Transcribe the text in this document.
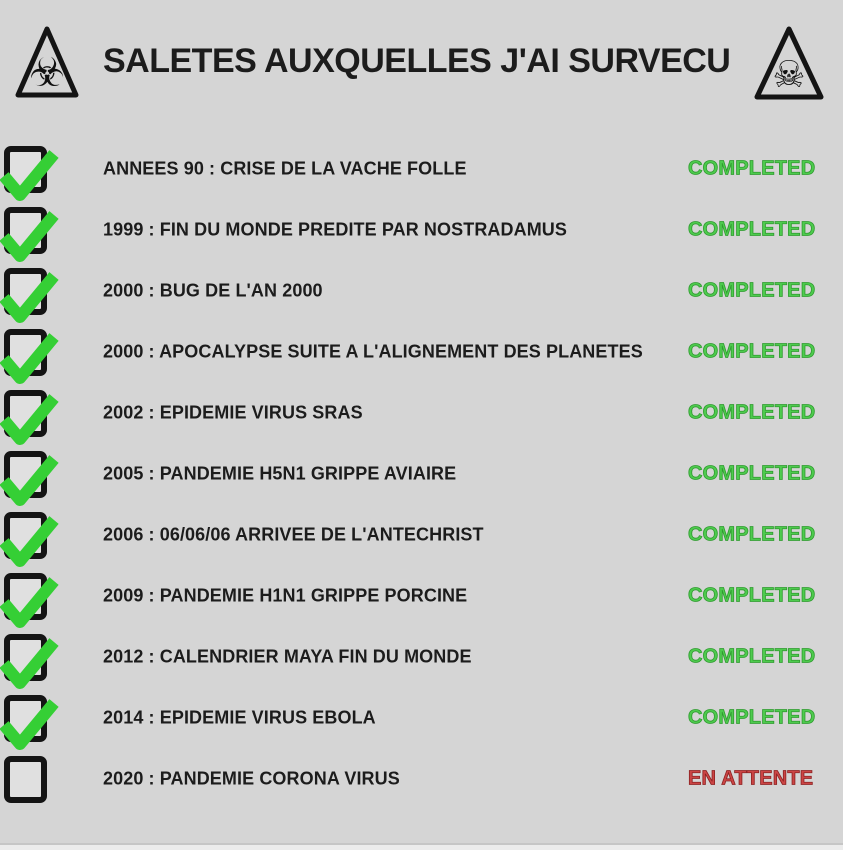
☣	SALETES AUXQUELLES J'AI SURVECU	☠
ANNEES 90 : CRISE DE LA VACHE FOLLE	COMPLETED
1999 : FIN DU MONDE PREDITE PAR NOSTRADAMUS	COMPLETED
2000 : BUG DE L'AN 2000	COMPLETED
2000 : APOCALYPSE SUITE A L'ALIGNEMENT DES PLANETES COMPLETED
2002 : EPIDEMIE VIRUS SRAS	COMPLETED
2005 : PANDEMIE H5N1 GRIPPE AVIAIRE	COMPLETED
2006 : 06/06/06 ARRIVEE DE L'ANTECHRIST	COMPLETED
2009 : PANDEMIE H1N1 GRIPPE PORCINE	COMPLETED
2012 : CALENDRIER MAYA FIN DU MONDE	COMPLETED
2014 : EPIDEMIE VIRUS EBOLA	COMPLETED
2020 : PANDEMIE CORONA VIRUS	EN ATTENTE
